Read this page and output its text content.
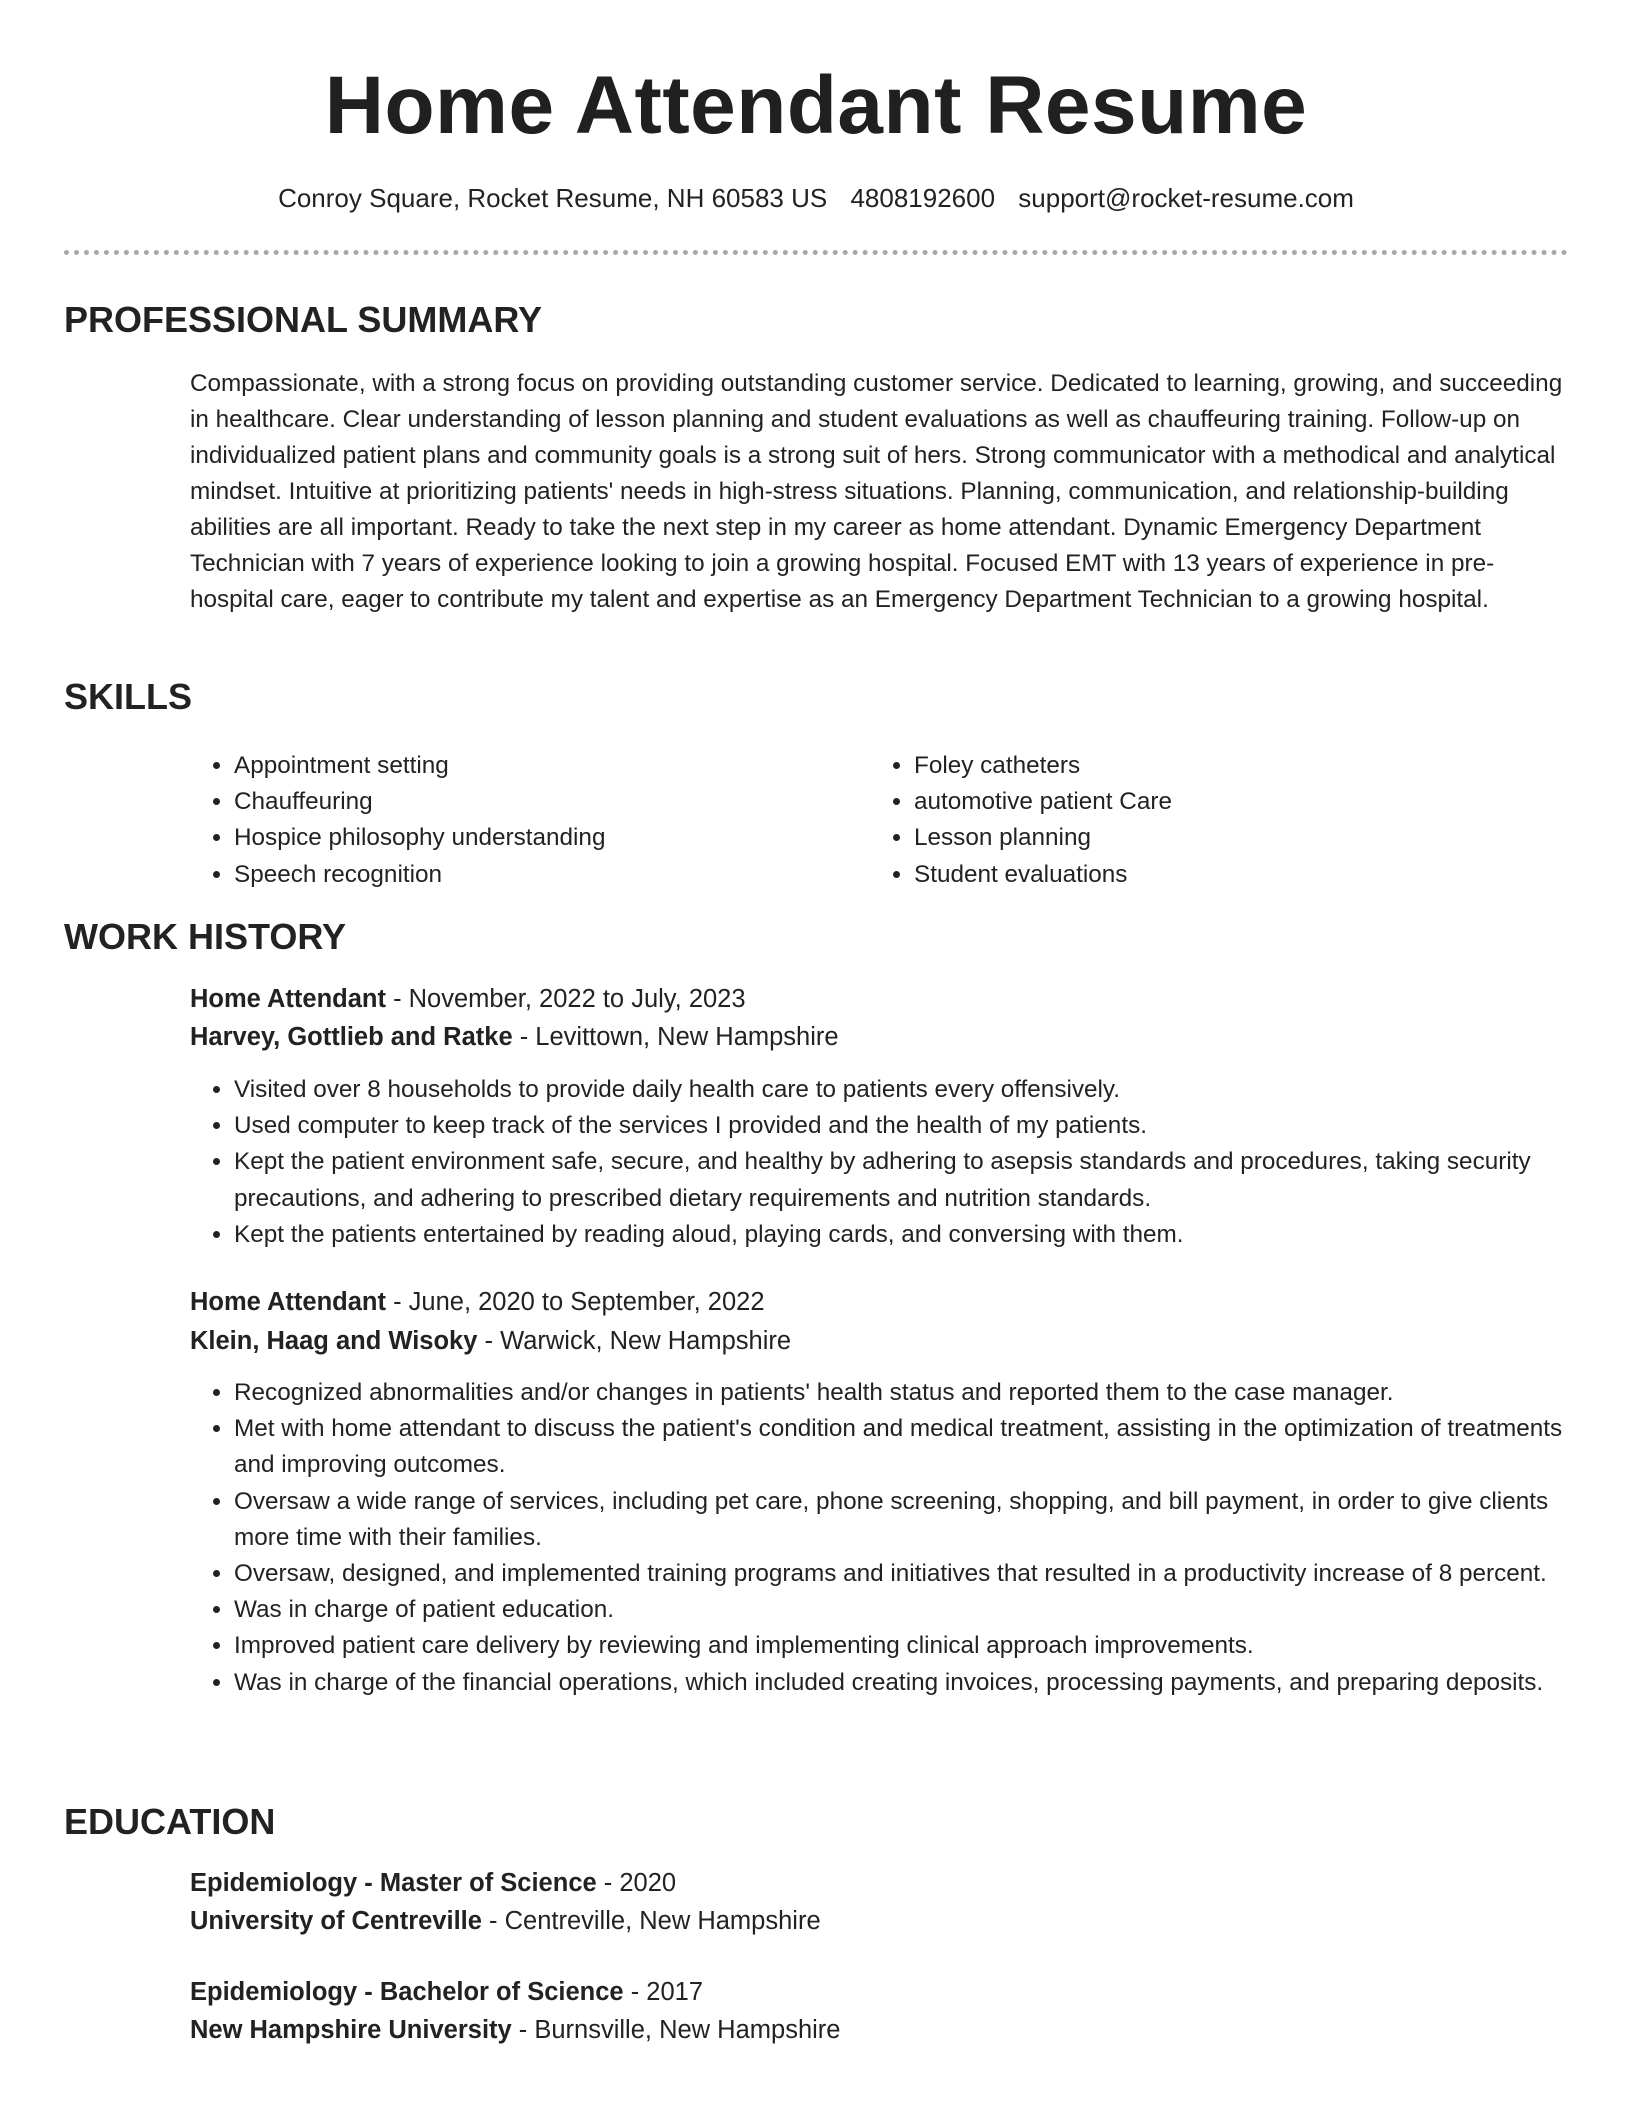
Home Attendant Resume
Conroy Square, Rocket Resume, NH 60583 US 4808192600 support@rocket-resume.com
PROFESSIONAL SUMMARY
Compassionate, with a strong focus on providing outstanding customer service. Dedicated to learning, growing, and succeeding in healthcare. Clear understanding of lesson planning and student evaluations as well as chauffeuring training. Follow-up on individualized patient plans and community goals is a strong suit of hers. Strong communicator with a methodical and analytical mindset. Intuitive at prioritizing patients' needs in high-stress situations. Planning, communication, and relationship-building abilities are all important. Ready to take the next step in my career as home attendant. Dynamic Emergency Department Technician with 7 years of experience looking to join a growing hospital. Focused EMT with 13 years of experience in pre-hospital care, eager to contribute my talent and expertise as an Emergency Department Technician to a growing hospital.
SKILLS
• Appointment setting
• Chauffeuring
• Hospice philosophy understanding
• Speech recognition
• Foley catheters
• automotive patient Care
• Lesson planning
• Student evaluations
WORK HISTORY
Home Attendant - November, 2022 to July, 2023
Harvey, Gottlieb and Ratke - Levittown, New Hampshire
• Visited over 8 households to provide daily health care to patients every offensively.
• Used computer to keep track of the services I provided and the health of my patients.
• Kept the patient environment safe, secure, and healthy by adhering to asepsis standards and procedures, taking security precautions, and adhering to prescribed dietary requirements and nutrition standards.
• Kept the patients entertained by reading aloud, playing cards, and conversing with them.
Home Attendant - June, 2020 to September, 2022
Klein, Haag and Wisoky - Warwick, New Hampshire
• Recognized abnormalities and/or changes in patients' health status and reported them to the case manager.
• Met with home attendant to discuss the patient's condition and medical treatment, assisting in the optimization of treatments and improving outcomes.
• Oversaw a wide range of services, including pet care, phone screening, shopping, and bill payment, in order to give clients more time with their families.
• Oversaw, designed, and implemented training programs and initiatives that resulted in a productivity increase of 8 percent.
• Was in charge of patient education.
• Improved patient care delivery by reviewing and implementing clinical approach improvements.
• Was in charge of the financial operations, which included creating invoices, processing payments, and preparing deposits.
EDUCATION
Epidemiology - Master of Science - 2020
University of Centreville - Centreville, New Hampshire
Epidemiology - Bachelor of Science - 2017
New Hampshire University - Burnsville, New Hampshire
